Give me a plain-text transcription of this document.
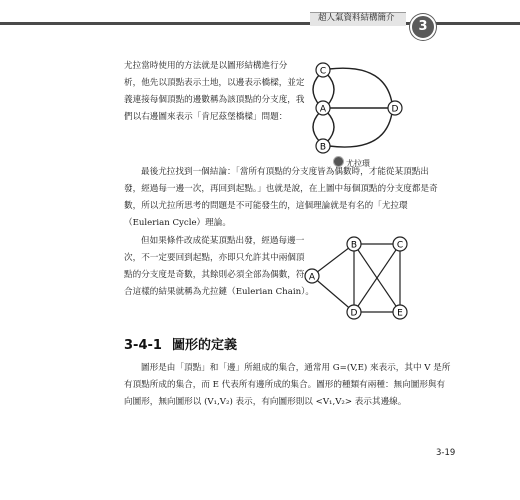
超人氣資料結構簡介
3
尤拉當時使用的方法就是以圖形結構進行分
析，他先以頂點表示土地，以邊表示橋樑，並定
義連接每個頂點的邊數稱為該頂點的分支度，我
們以右邊圖來表示「肯尼茲堡橋樑」問題：
C
A
B
D
尤拉環
最後尤拉找到一個結論：「當所有頂點的分支度皆為偶數時，才能從某頂點出
發，經過每一邊一次，再回到起點。」也就是說，在上圖中每個頂點的分支度都是奇
數，所以尤拉所思考的問題是不可能發生的，這個理論就是有名的「尤拉環
（Eulerian Cycle）理論。
但如果條件改成從某頂點出發，經過每邊一
次，不一定要回到起點，亦即只允許其中兩個頂
點的分支度是奇數，其餘則必須全部為偶數，符
合這樣的結果就稱為尤拉鏈（Eulerian Chain）。
B	C
A
D	E
3-4-1 圖形的定義
圖形是由「頂點」和「邊」所組成的集合，通常用 G=(V,E) 來表示，其中 V 是所
有頂點所成的集合，而 E 代表所有邊所成的集合。圖形的種類有兩種：無向圖形與有
向圖形，無向圖形以 (V₁,V₂) 表示，有向圖形則以 <V₁,V₂> 表示其邊線。
3-19
